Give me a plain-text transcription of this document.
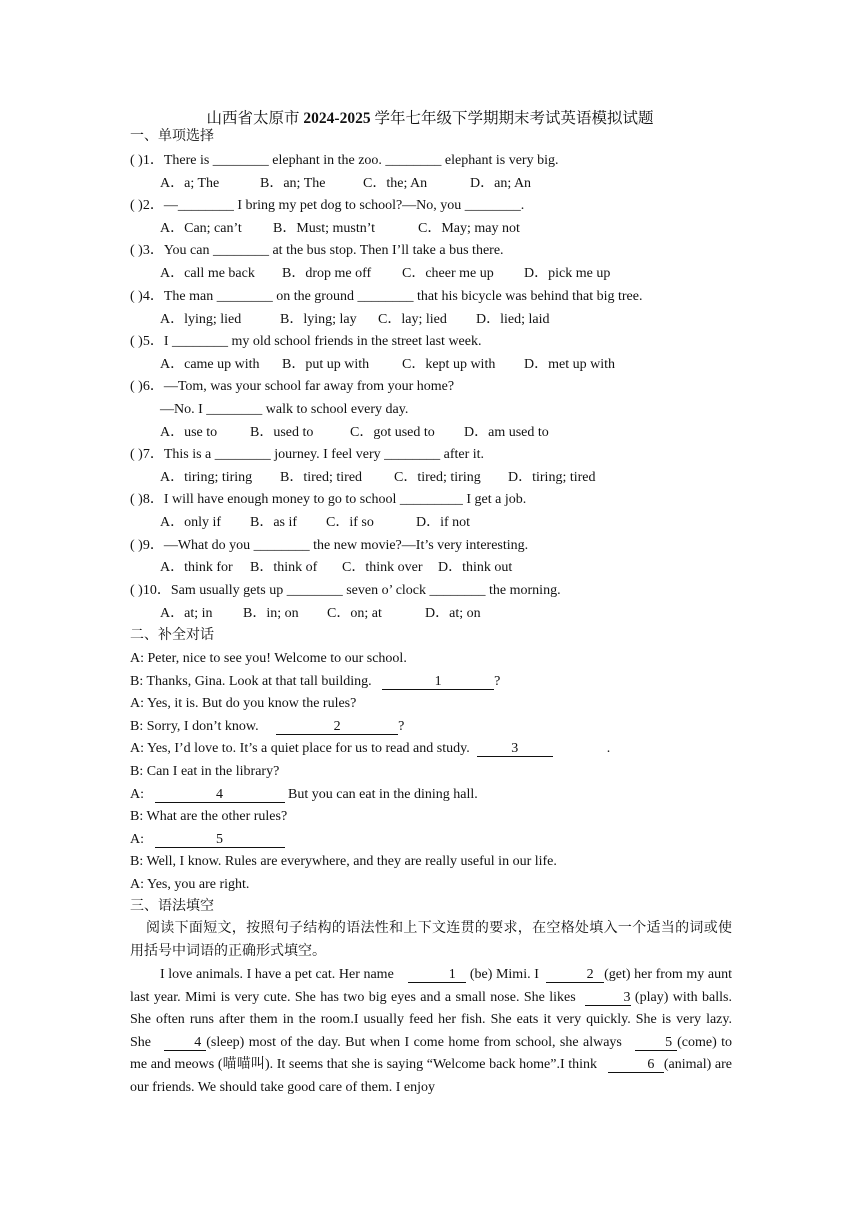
山西省太原市 2024-2025 学年七年级下学期期末考试英语模拟试题
一、单项选择
( )1．There is ________ elephant in the zoo. ________ elephant is very big.
A．a; The	B．an; The	C．the; An	D．an; An
( )2．—________ I bring my pet dog to school?—No, you ________.
A．Can; can’t B．Must; mustn’t	C．May; may not
( )3．You can ________ at the bus stop. Then I’ll take a bus there.
A．call me back B．drop me off C．cheer me up D．pick me up
( )4．The man ________ on the ground ________ that his bicycle was behind that big tree.
A．lying; lied	B．lying; lay C．lay; lied D．lied; laid
( )5．I ________ my old school friends in the street last week.
A．came up with B．put up with C．kept up with D．met up with
( )6．—Tom, was your school far away from your home?
—No. I ________ walk to school every day.
A．use to B．used to	C．got used to D．am used to
( )7．This is a ________ journey. I feel very ________ after it.
A．tiring; tiring B．tired; tired C．tired; tiring D．tiring; tired
( )8．I will have enough money to go to school _________ I get a job.
A．only if B．as if C．if so	D．if not
( )9．—What do you ________ the new movie?—It’s very interesting.
A．think for B．think of C．think over D．think out
( )10．Sam usually gets up ________ seven o’ clock ________ the morning.
A．at; in B．in; on C．on; at	D．at; on
二、补全对话
A: Peter, nice to see you! Welcome to our school.
B: Thanks, Gina. Look at that tall building.	1	?
A: Yes, it is. But do you know the rules?
B: Sorry, I don’t know.	2	?
A: Yes, I’d love to. It’s a quiet place for us to read and study.	3	.
B: Can I eat in the library?
A:	4	But you can eat in the dining hall.
B: What are the other rules?
A:	5
B: Well, I know. Rules are everywhere, and they are really useful in our life.
A: Yes, you are right.
三、语法填空

阅读下面短文，按照句子结构的语法性和上下文连贯的要求，在空格处填入一个适当的词或使用括号中词语的正确形式填空。

I love animals. I have a pet cat. Her name	1 (be) Mimi. I	2 (get) her from my aunt last year. Mimi is very cute. She has two big eyes and a small nose. She likes	3 (play) with balls. She often runs after them in the room.I usually feed her fish. She eats it very quickly. She is very lazy. She	4 (sleep) most of the day. But when I come home from school, she always	5 (come) to me and meows (喵喵叫). It seems that she is saying “Welcome back home”.I think	6 (animal) are our friends. We should take good care of them. I enjoy
